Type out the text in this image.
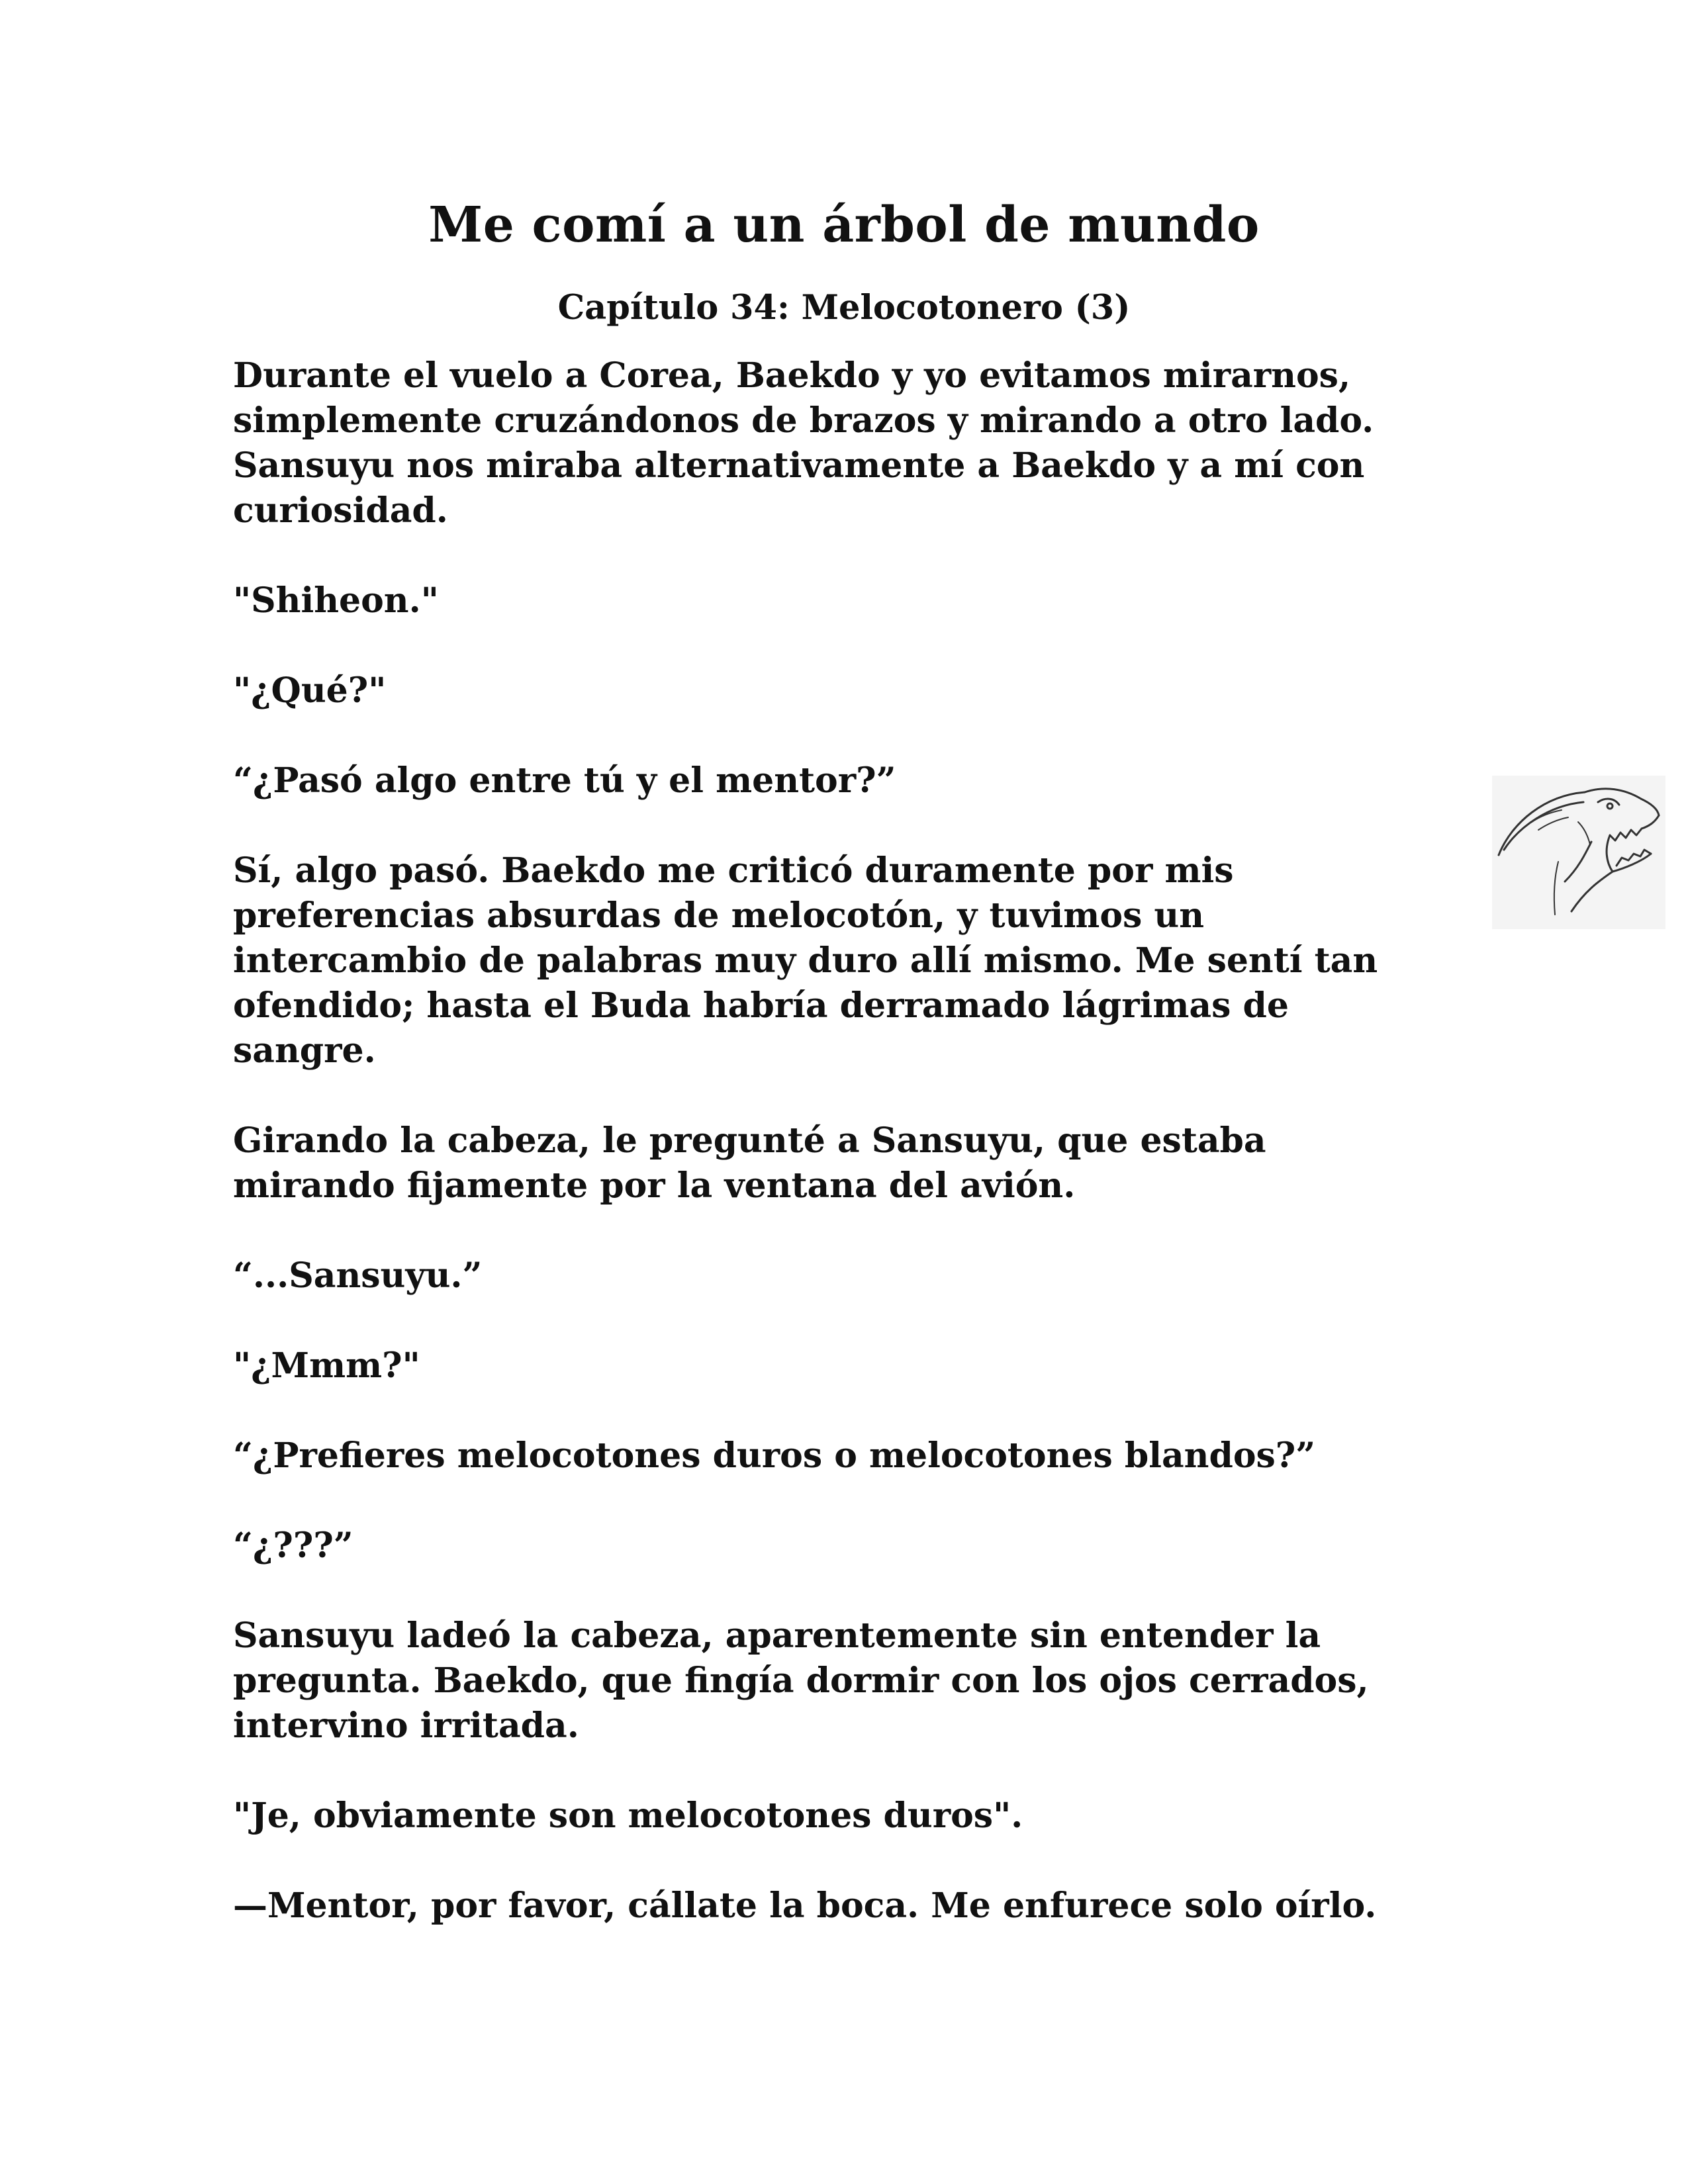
Me comí a un árbol de mundo
Capítulo 34: Melocotonero (3)

Durante el vuelo a Corea, Baekdo y yo evitamos mirarnos,
simplemente cruzándonos de brazos y mirando a otro lado.
Sansuyu nos miraba alternativamente a Baekdo y a mí con
curiosidad.

"Shiheon."

"¿Qué?"

“¿Pasó algo entre tú y el mentor?”

Sí, algo pasó. Baekdo me criticó duramente por mis
preferencias absurdas de melocotón, y tuvimos un
intercambio de palabras muy duro allí mismo. Me sentí tan
ofendido; hasta el Buda habría derramado lágrimas de
sangre.

Girando la cabeza, le pregunté a Sansuyu, que estaba
mirando fijamente por la ventana del avión.

“...Sansuyu.”

"¿Mmm?"

“¿Prefieres melocotones duros o melocotones blandos?”

“¿???”

Sansuyu ladeó la cabeza, aparentemente sin entender la
pregunta. Baekdo, que fingía dormir con los ojos cerrados,
intervino irritada.

"Je, obviamente son melocotones duros".

—Mentor, por favor, cállate la boca. Me enfurece solo oírlo.
